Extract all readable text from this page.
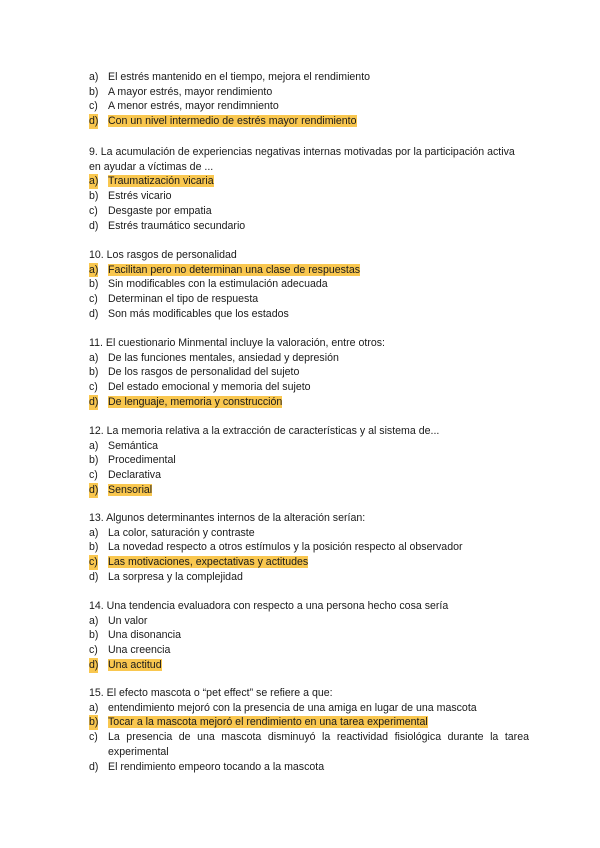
a) El estrés mantenido en el tiempo, mejora el rendimiento
b) A mayor estrés, mayor rendimiento
c) A menor estrés, mayor rendimniento
d) Con un nivel intermedio de estrés mayor rendimiento
9. La acumulación de experiencias negativas internas motivadas por la participación activa en ayudar a víctimas de ...
a) Traumatización vicaria
b) Estrés vicario
c) Desgaste por empatia
d) Estrés traumático secundario
10. Los rasgos de personalidad
a) Facilitan pero no determinan una clase de respuestas
b) Sin modificables con la estimulación adecuada
c) Determinan el tipo de respuesta
d) Son más modificables que los estados
11. El cuestionario Minmental incluye la valoración, entre otros:
a) De las funciones mentales, ansiedad y depresión
b) De los rasgos de personalidad del sujeto
c) Del estado emocional y memoria del sujeto
d) De lenguaje, memoria y construcción
12. La memoria relativa a la extracción de características y al sistema de...
a) Semántica
b) Procedimental
c) Declarativa
d) Sensorial
13. Algunos determinantes internos de la alteración serían:
a) La color, saturación y contraste
b) La novedad respecto a otros estímulos y la posición respecto al observador
c) Las motivaciones, expectativas y actitudes
d) La sorpresa y la complejidad
14. Una tendencia evaluadora con respecto a una persona hecho cosa sería
a) Un valor
b) Una disonancia
c) Una creencia
d) Una actitud
15. El efecto mascota o “pet effect” se refiere a que:
a) entendimiento mejoró con la presencia de una amiga en lugar de una mascota
b) Tocar a la mascota mejoró el rendimiento en una tarea experimental
c) La presencia de una mascota disminuyó la reactividad fisiológica durante la tarea experimental
d) El rendimiento empeoro tocando a la mascota
